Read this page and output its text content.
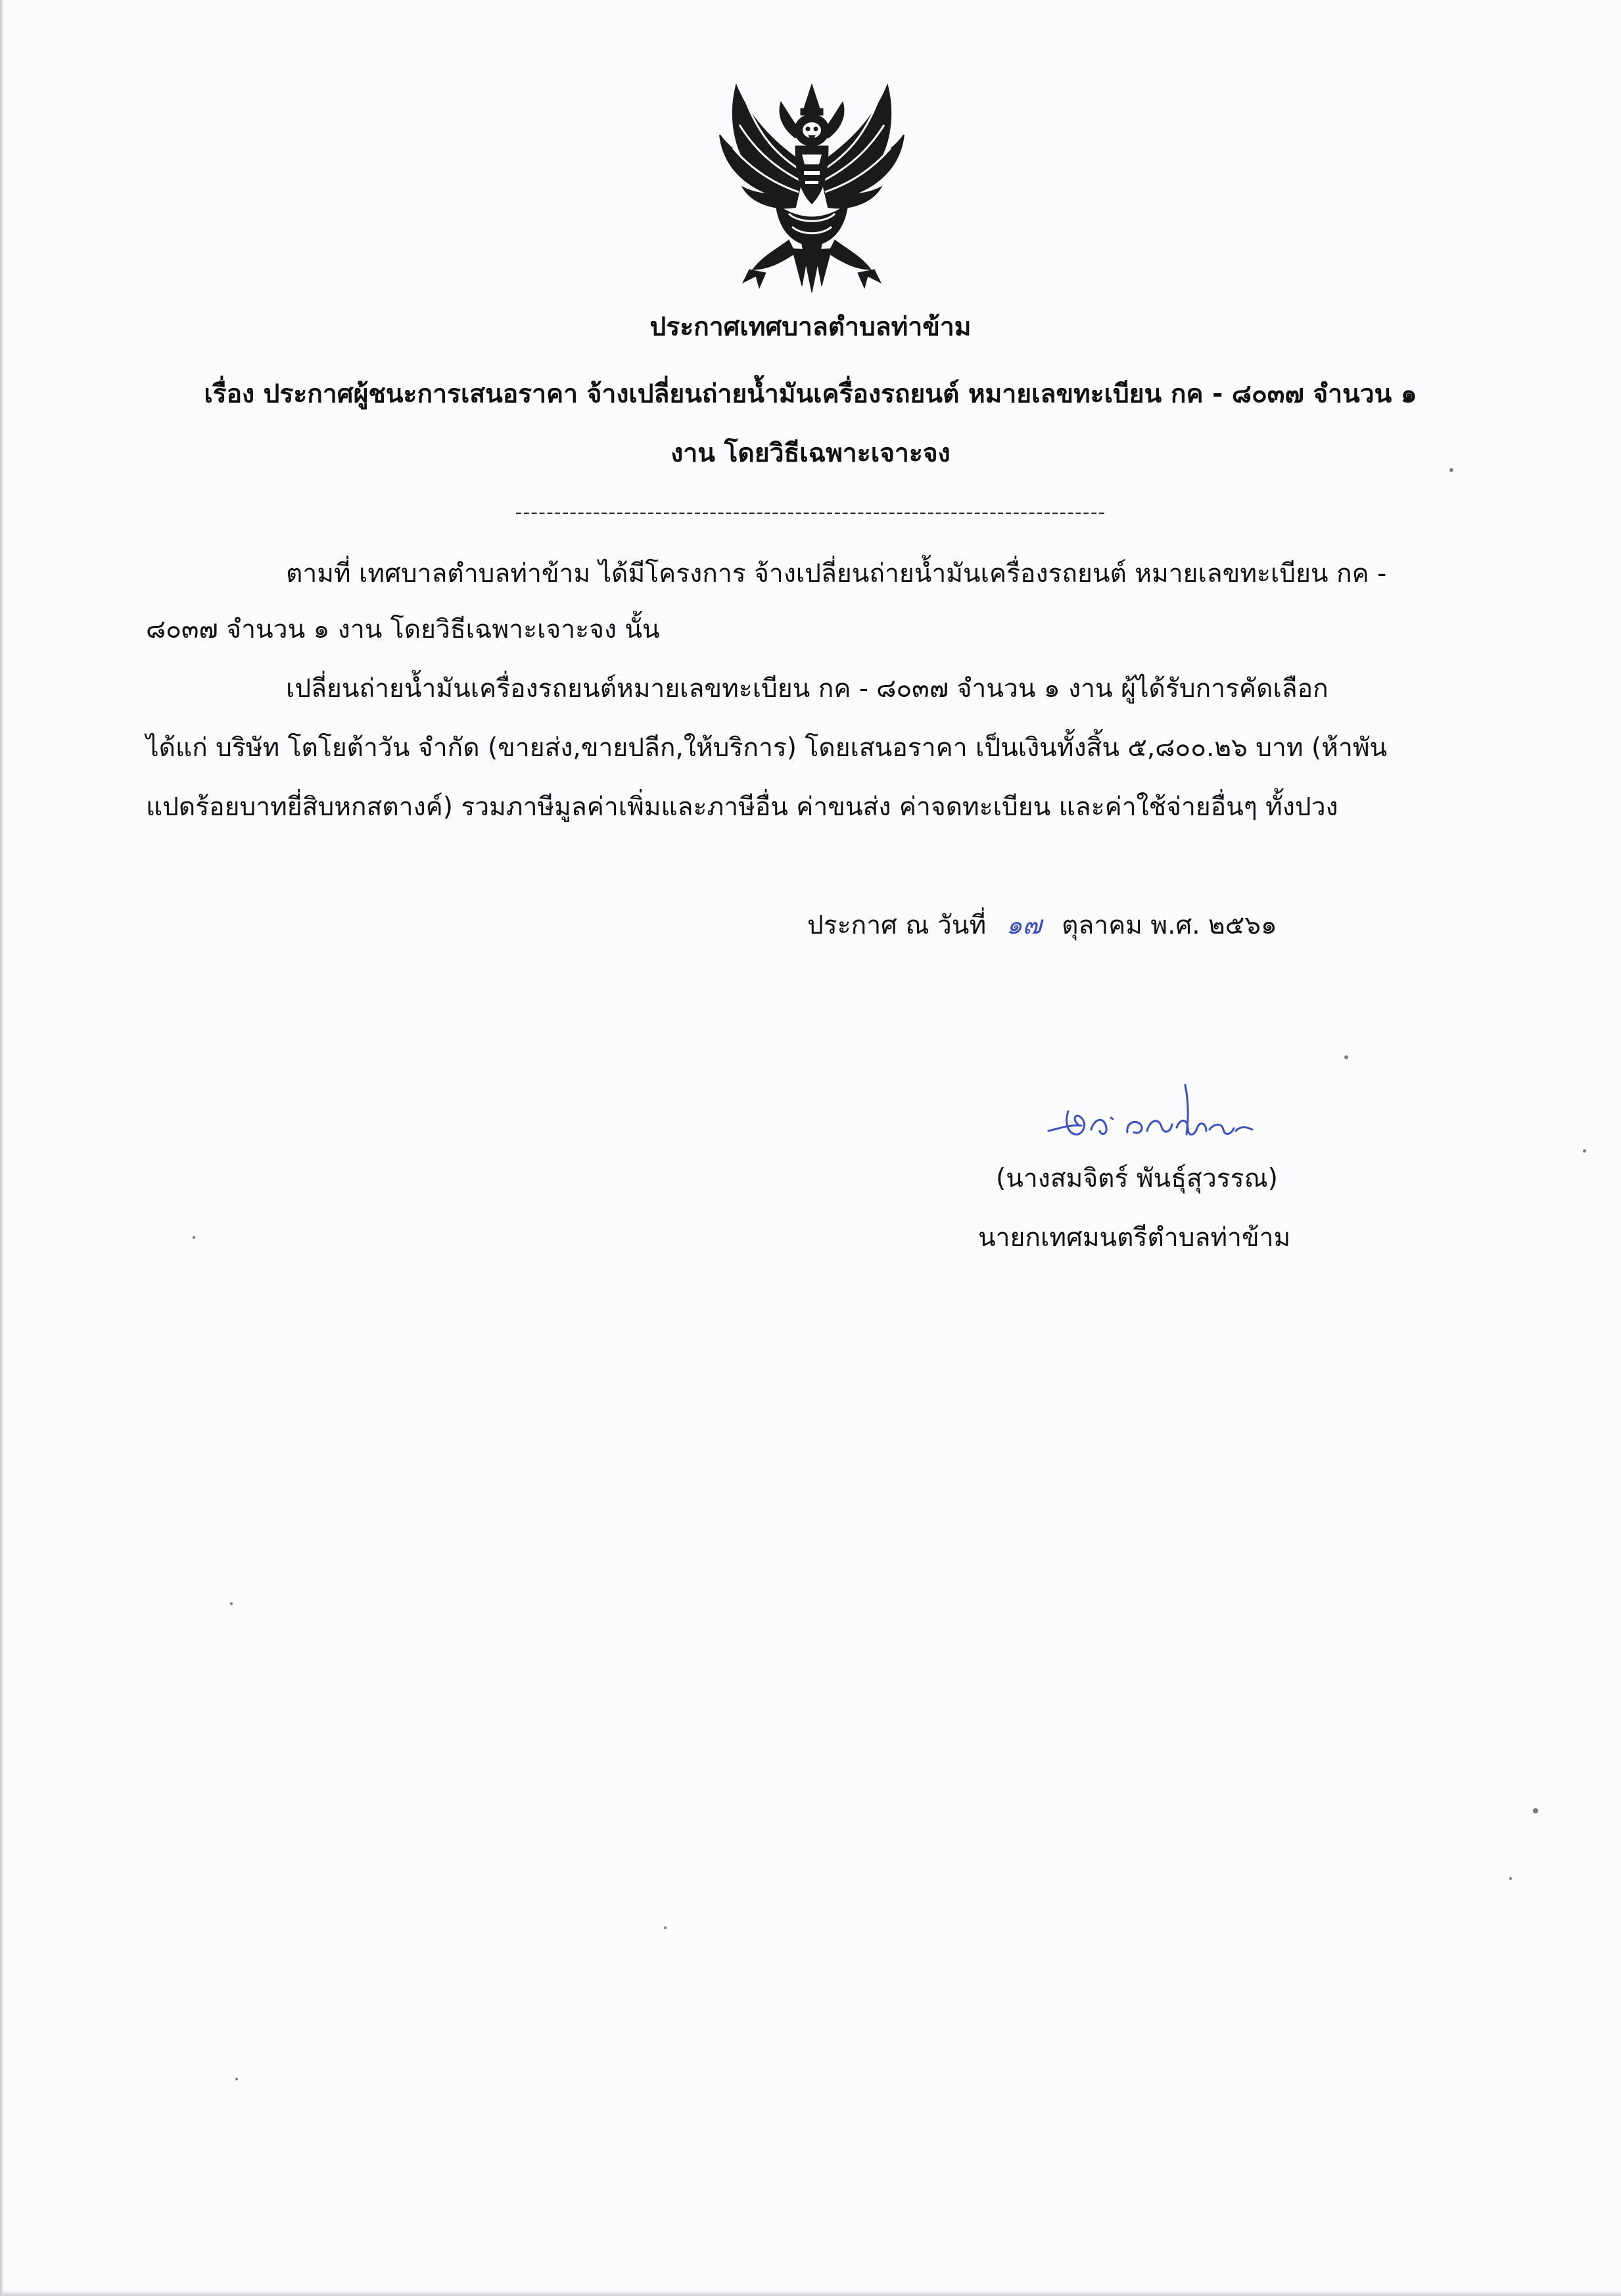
ประกาศเทศบาลตำบลท่าข้าม
เรื่อง ประกาศผู้ชนะการเสนอราคา จ้างเปลี่ยนถ่ายน้ำมันเครื่องรถยนต์ หมายเลขทะเบียน กค - ๘๐๓๗ จำนวน ๑
งาน โดยวิธีเฉพาะเจาะจง
----------------------------------------------------------------------------
ตามที่ เทศบาลตำบลท่าข้าม ได้มีโครงการ จ้างเปลี่ยนถ่ายน้ำมันเครื่องรถยนต์ หมายเลขทะเบียน กค -
๘๐๓๗ จำนวน ๑ งาน โดยวิธีเฉพาะเจาะจง นั้น
เปลี่ยนถ่ายน้ำมันเครื่องรถยนต์หมายเลขทะเบียน กค - ๘๐๓๗ จำนวน ๑ งาน ผู้ได้รับการคัดเลือก
ได้แก่ บริษัท โตโยต้าวัน จำกัด (ขายส่ง,ขายปลีก,ให้บริการ) โดยเสนอราคา เป็นเงินทั้งสิ้น ๕,๘๐๐.๒๖ บาท (ห้าพัน
แปดร้อยบาทยี่สิบหกสตางค์) รวมภาษีมูลค่าเพิ่มและภาษีอื่น ค่าขนส่ง ค่าจดทะเบียน และค่าใช้จ่ายอื่นๆ ทั้งปวง
ประกาศ ณ วันที่ ๑๗ ตุลาคม พ.ศ. ๒๕๖๑
(นางสมจิตร์ พันธุ์สุวรรณ)
นายกเทศมนตรีตำบลท่าข้าม
